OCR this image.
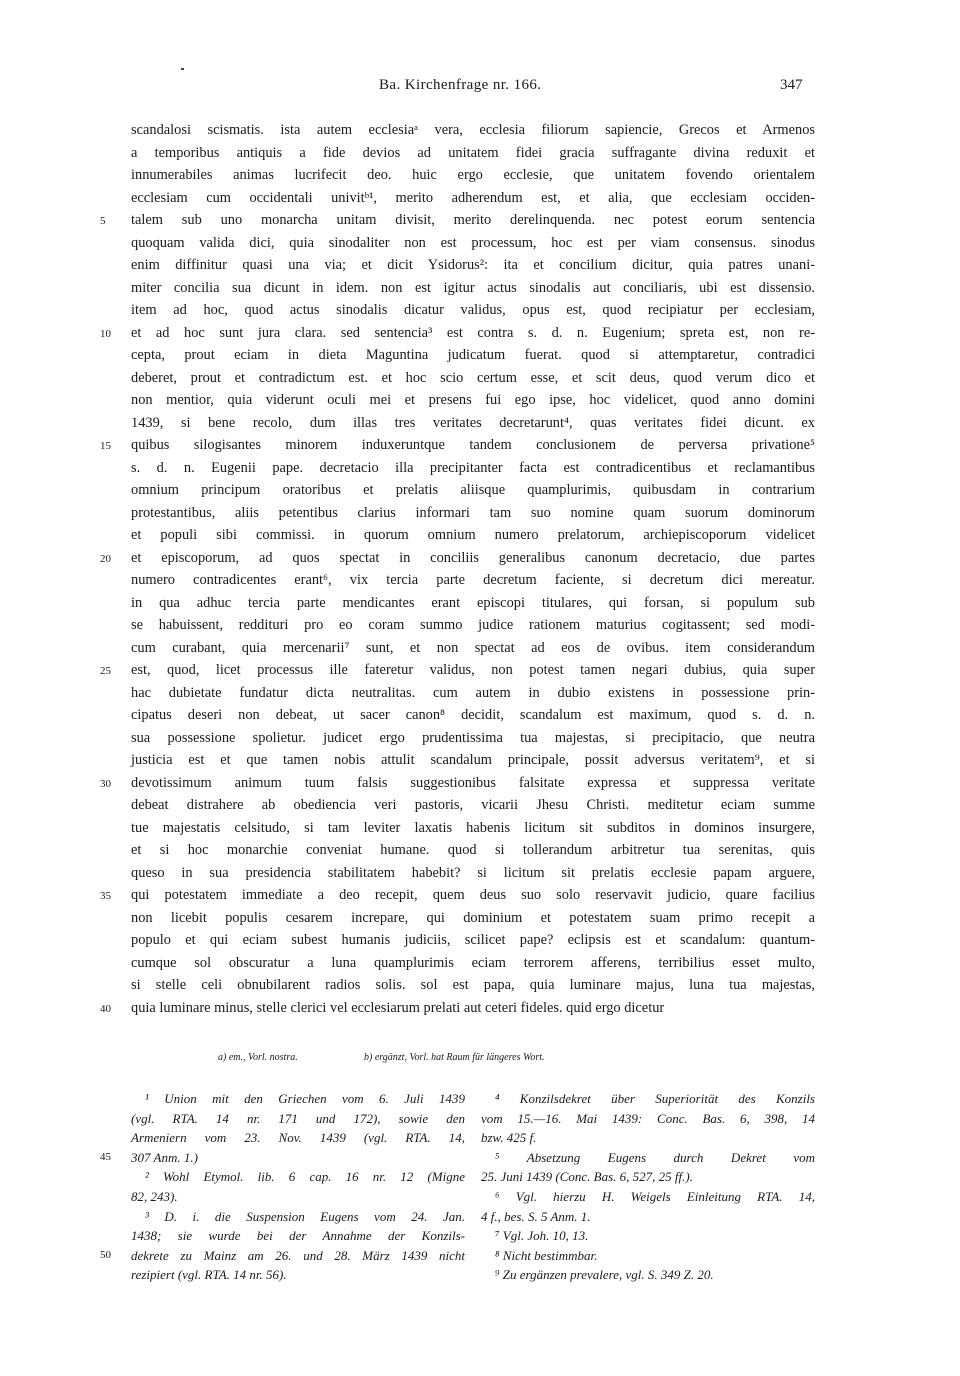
Ba. Kirchenfrage nr. 166.	347
scandalosi scismatis. ista autem ecclesiaᵃ vera, ecclesia filiorum sapiencie, Grecos et Armenos
a temporibus antiquis a fide devios ad unitatem fidei gracia suffragante divina reduxit et
innumerabiles animas lucrifecit deo. huic ergo ecclesie, que unitatem fovendo orientalem
ecclesiam cum occidentali univitᵇ¹, merito adherendum est, et alia, que ecclesiam occiden-
5	talem sub uno monarcha unitam divisit, merito derelinquenda. nec potest eorum sentencia
quoquam valida dici, quia sinodaliter non est processum, hoc est per viam consensus. sinodus
enim diffinitur quasi una via; et dicit Ysidorus²: ita et concilium dicitur, quia patres unani-
miter concilia sua dicunt in idem. non est igitur actus sinodalis aut conciliaris, ubi est dissensio.
item ad hoc, quod actus sinodalis dicatur validus, opus est, quod recipiatur per ecclesiam,
10	et ad hoc sunt jura clara. sed sentencia³ est contra s. d. n. Eugenium; spreta est, non re-
cepta, prout eciam in dieta Maguntina judicatum fuerat. quod si attemptaretur, contradici
deberet, prout et contradictum est. et hoc scio certum esse, et scit deus, quod verum dico et
non mentior, quia viderunt oculi mei et presens fui ego ipse, hoc videlicet, quod anno domini
1439, si bene recolo, dum illas tres veritates decretarunt⁴, quas veritates fidei dicunt. ex
15	quibus silogisantes minorem induxeruntque tandem conclusionem de perversa privatione⁵
s. d. n. Eugenii pape. decretacio illa precipitanter facta est contradicentibus et reclamantibus
omnium principum oratoribus et prelatis aliisque quamplurimis, quibusdam in contrarium
protestantibus, aliis petentibus clarius informari tam suo nomine quam suorum dominorum
et populi sibi commissi. in quorum omnium numero prelatorum, archiepiscoporum videlicet
20	et episcoporum, ad quos spectat in conciliis generalibus canonum decretacio, due partes
numero contradicentes erant⁶, vix tercia parte decretum faciente, si decretum dici mereatur.
in qua adhuc tercia parte mendicantes erant episcopi titulares, qui forsan, si populum sub
se habuissent, reddituri pro eo coram summo judice rationem maturius cogitassent; sed modi-
cum curabant, quia mercenarii⁷ sunt, et non spectat ad eos de ovibus. item considerandum
25	est, quod, licet processus ille fateretur validus, non potest tamen negari dubius, quia super
hac dubietate fundatur dicta neutralitas. cum autem in dubio existens in possessione prin-
cipatus deseri non debeat, ut sacer canon⁸ decidit, scandalum est maximum, quod s. d. n.
sua possessione spolietur. judicet ergo prudentissima tua majestas, si precipitacio, que neutra
justicia est et que tamen nobis attulit scandalum principale, possit adversus veritatem⁹, et si
30	devotissimum animum tuum falsis suggestionibus falsitate expressa et suppressa veritate
debeat distrahere ab obediencia veri pastoris, vicarii Jhesu Christi. meditetur eciam summe
tue majestatis celsitudo, si tam leviter laxatis habenis licitum sit subditos in dominos insurgere,
et si hoc monarchie conveniat humane. quod si tollerandum arbitretur tua serenitas, quis
queso in sua presidencia stabilitatem habebit? si licitum sit prelatis ecclesie papam arguere,
35	qui potestatem immediate a deo recepit, quem deus suo solo reservavit judicio, quare facilius
non licebit populis cesarem increpare, qui dominium et potestatem suam primo recepit a
populo et qui eciam subest humanis judiciis, scilicet pape? eclipsis est et scandalum: quantum-
cumque sol obscuratur a luna quamplurimis eciam terrorem afferens, terribilius esset multo,
si stelle celi obnubilarent radios solis. sol est papa, quia luminare majus, luna tua majestas,
40	quia luminare minus, stelle clerici vel ecclesiarum prelati aut ceteri fideles. quid ergo dicetur
a) em., Vorl. nostra.	b) ergänzt, Vorl. hat Raum für längeres Wort.
¹ Union mit den Griechen vom 6. Juli 1439
(vgl. RTA. 14 nr. 171 und 172), sowie den
Armeniern vom 23. Nov. 1439 (vgl. RTA. 14,
45 307 Anm. 1.)
² Wohl Etymol. lib. 6 cap. 16 nr. 12 (Migne
82, 243).
³ D. i. die Suspension Eugens vom 24. Jan.
1438; sie wurde bei der Annahme der Konzils-
50 dekrete zu Mainz am 26. und 28. März 1439 nicht
rezipiert (vgl. RTA. 14 nr. 56).
⁴ Konzilsdekret über Superiorität des Konzils
vom 15.—16. Mai 1439: Conc. Bas. 6, 398, 14
bzw. 425 f.
⁵ Absetzung Eugens durch Dekret vom
25. Juni 1439 (Conc. Bas. 6, 527, 25 ff.).
⁶ Vgl. hierzu H. Weigels Einleitung RTA. 14,
4 f., bes. S. 5 Anm. 1.
⁷ Vgl. Joh. 10, 13.
⁸ Nicht bestimmbar.
⁹ Zu ergänzen prevalere, vgl. S. 349 Z. 20.
